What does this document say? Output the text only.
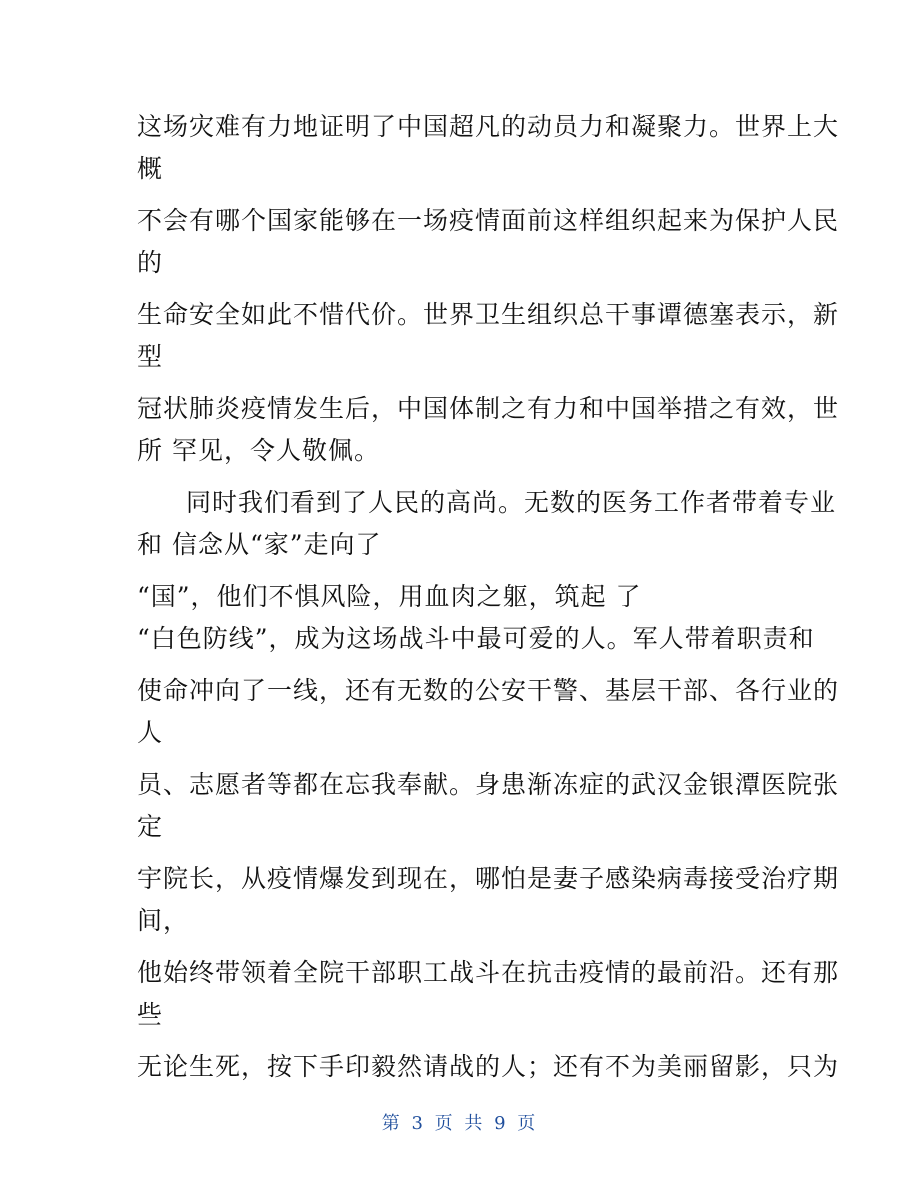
这场灾难有力地证明了中国超凡的动员力和凝聚力。世界上大
概
不会有哪个国家能够在一场疫情面前这样组织起来为保护人民
的
生命安全如此不惜代价。世界卫生组织总干事谭德塞表示，新
型
冠状肺炎疫情发生后，中国体制之有力和中国举措之有效，世
所 罕见，令人敬佩。
同时我们看到了人民的高尚。无数的医务工作者带着专业
和 信念从“家”走向了
“国”，他们不惧风险，用血肉之躯，筑起 了
“白色防线”，成为这场战斗中最可爱的人。军人带着职责和
使命冲向了一线，还有无数的公安干警、基层干部、各行业的
人
员、志愿者等都在忘我奉献。身患渐冻症的武汉金银潭医院张
定
宇院长，从疫情爆发到现在，哪怕是妻子感染病毒接受治疗期
间，
他始终带领着全院干部职工战斗在抗击疫情的最前沿。还有那
些
无论生死，按下手印毅然请战的人；还有不为美丽留影，只为
第 3 页 共 9 页
